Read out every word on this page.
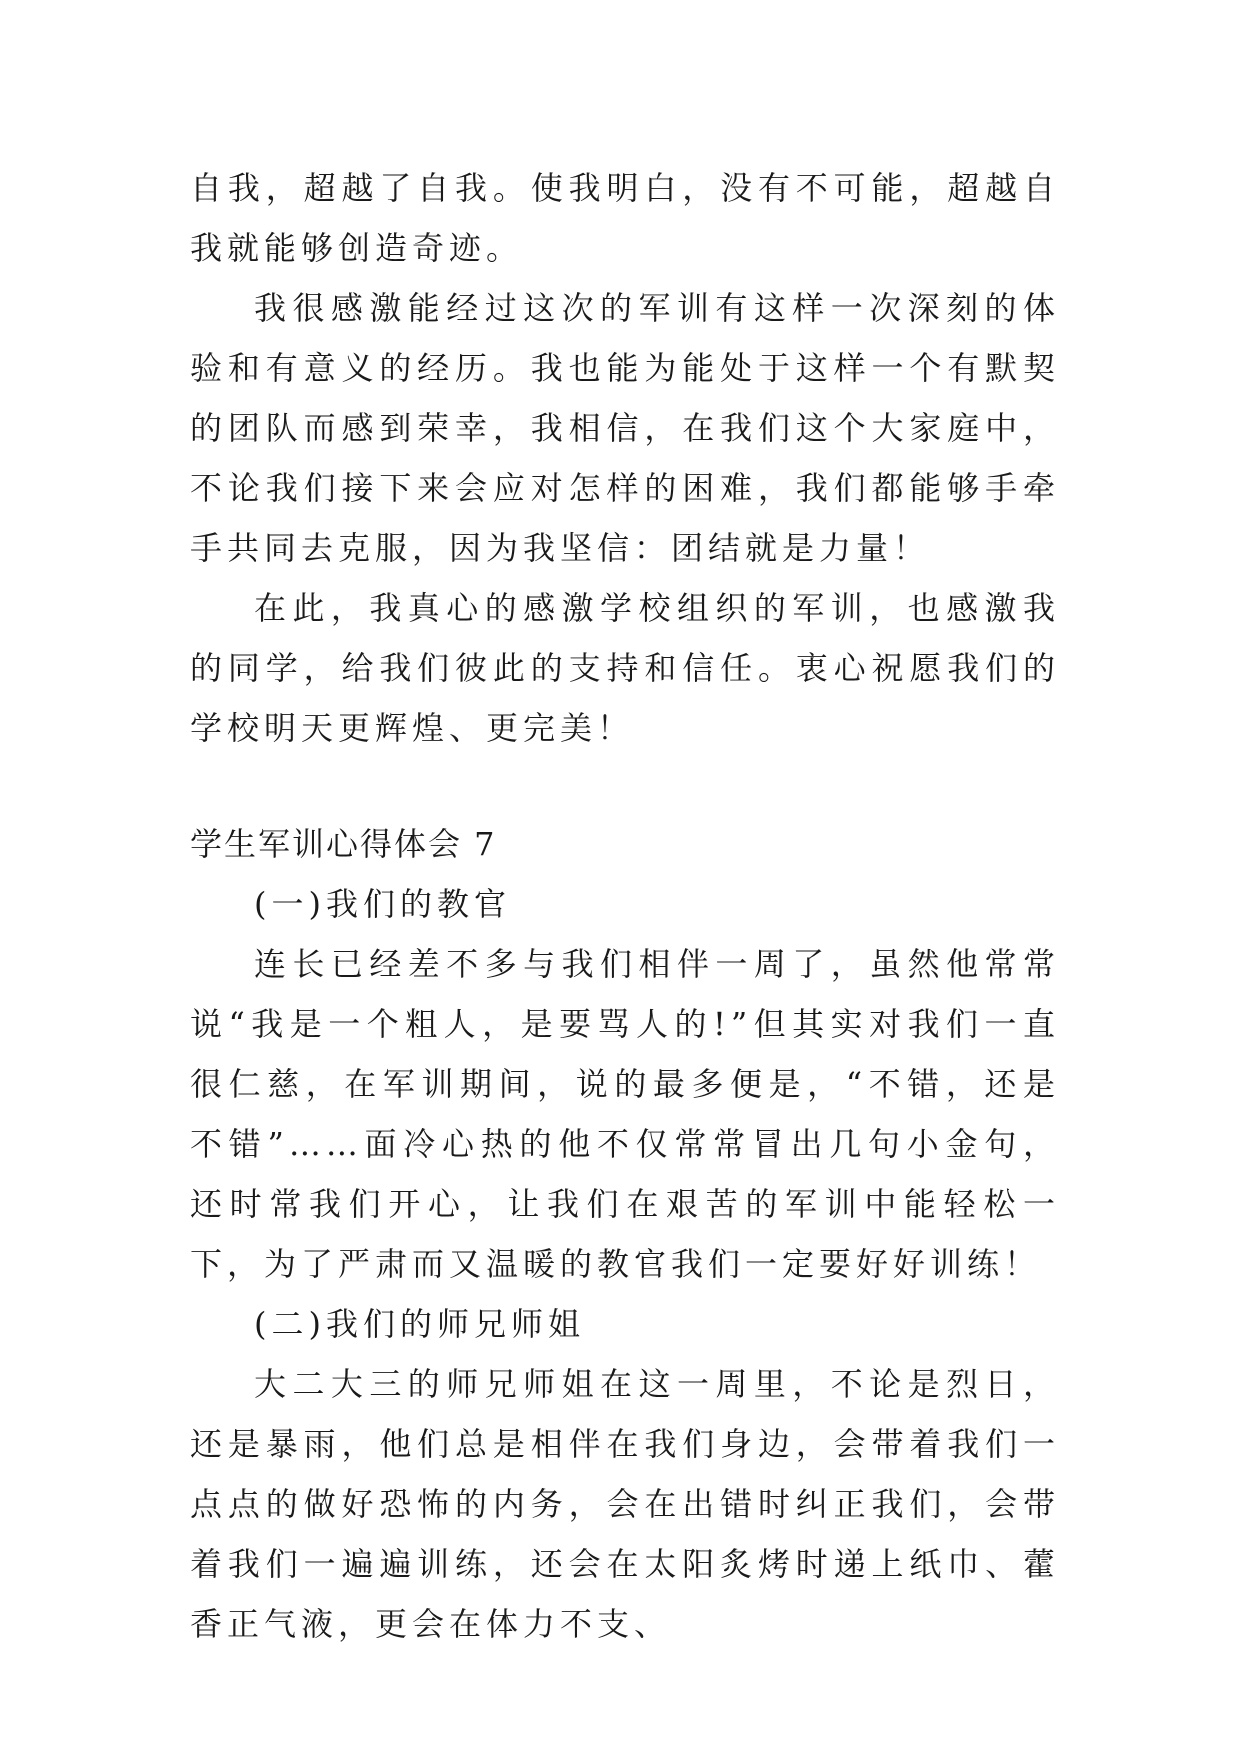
自我，超越了自我。使我明白，没有不可能，超越自我就能够创造奇迹。

我很感激能经过这次的军训有这样一次深刻的体验和有意义的经历。我也能为能处于这样一个有默契的团队而感到荣幸，我相信，在我们这个大家庭中，不论我们接下来会应对怎样的困难，我们都能够手牵手共同去克服，因为我坚信：团结就是力量！

在此，我真心的感激学校组织的军训，也感激我的同学，给我们彼此的支持和信任。衷心祝愿我们的学校明天更辉煌、更完美！

学生军训心得体会 7

(一)我们的教官

连长已经差不多与我们相伴一周了，虽然他常常说“我是一个粗人，是要骂人的!”但其实对我们一直很仁慈，在军训期间，说的最多便是，“不错，还是不错”……面冷心热的他不仅常常冒出几句小金句，还时常我们开心，让我们在艰苦的军训中能轻松一下，为了严肃而又温暖的教官我们一定要好好训练！

(二)我们的师兄师姐

大二大三的师兄师姐在这一周里，不论是烈日，还是暴雨，他们总是相伴在我们身边，会带着我们一点点的做好恐怖的内务，会在出错时纠正我们，会带着我们一遍遍训练，还会在太阳炙烤时递上纸巾、藿香正气液，更会在体力不支、
